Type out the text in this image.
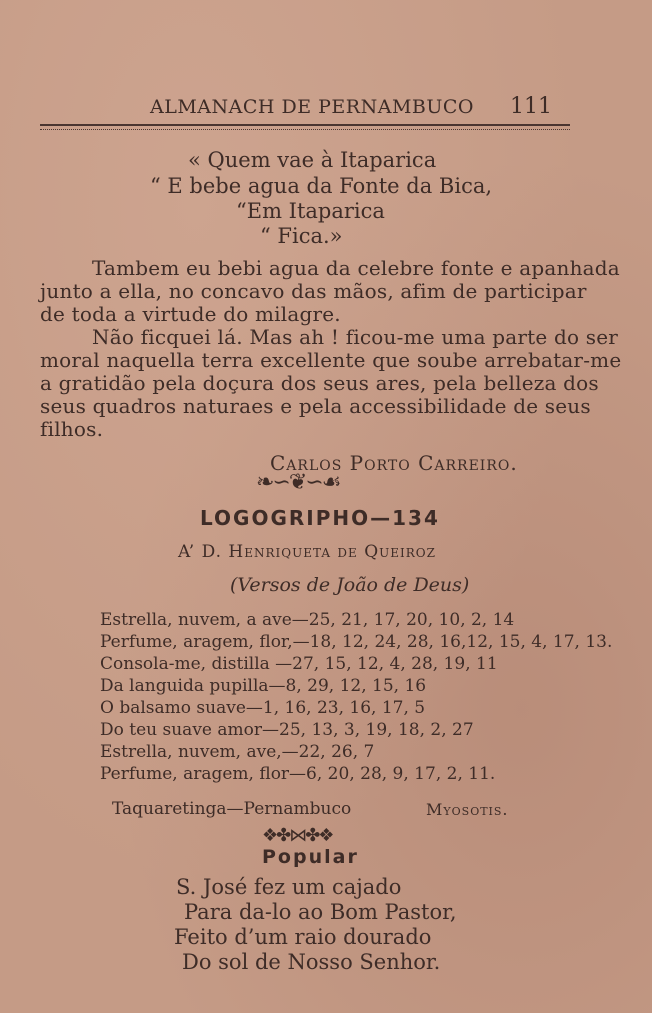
ALMANACH DE PERNAMBUCO 111
« Quem vae à Itaparica
“ E bebe agua da Fonte da Bica,
“Em Itaparica
“ Fica.»
Tambem eu bebi agua da celebre fonte e apanhada
junto a ella, no concavo das mãos, afim de participar
de toda a virtude do milagre.
Não ficquei lá. Mas ah ! ficou-me uma parte do ser
moral naquella terra excellente que soube arrebatar-me
a gratidão pela doçura dos seus ares, pela belleza dos
seus quadros naturaes e pela accessibilidade de seus
filhos.
Carlos Porto Carreiro.
❧∽❦∽☙
LOGOGRIPHO—134
A’ D. Henriqueta de Queiroz
(Versos de João de Deus)
Estrella, nuvem, a ave—25, 21, 17, 20, 10, 2, 14
Perfume, aragem, flor,—18, 12, 24, 28, 16,12, 15, 4, 17, 13.
Consola-me, distilla —27, 15, 12, 4, 28, 19, 11
Da languida pupilla—8, 29, 12, 15, 16
O balsamo suave—1, 16, 23, 16, 17, 5
Do teu suave amor—25, 13, 3, 19, 18, 2, 27
Estrella, nuvem, ave,—22, 26, 7
Perfume, aragem, flor—6, 20, 28, 9, 17, 2, 11.
Taquaretinga—Pernambuco	Myosotis.
❖✤⋈✤❖
Popular
S. José fez um cajado
Para da-lo ao Bom Pastor,
Feito d’um raio dourado
Do sol de Nosso Senhor.
